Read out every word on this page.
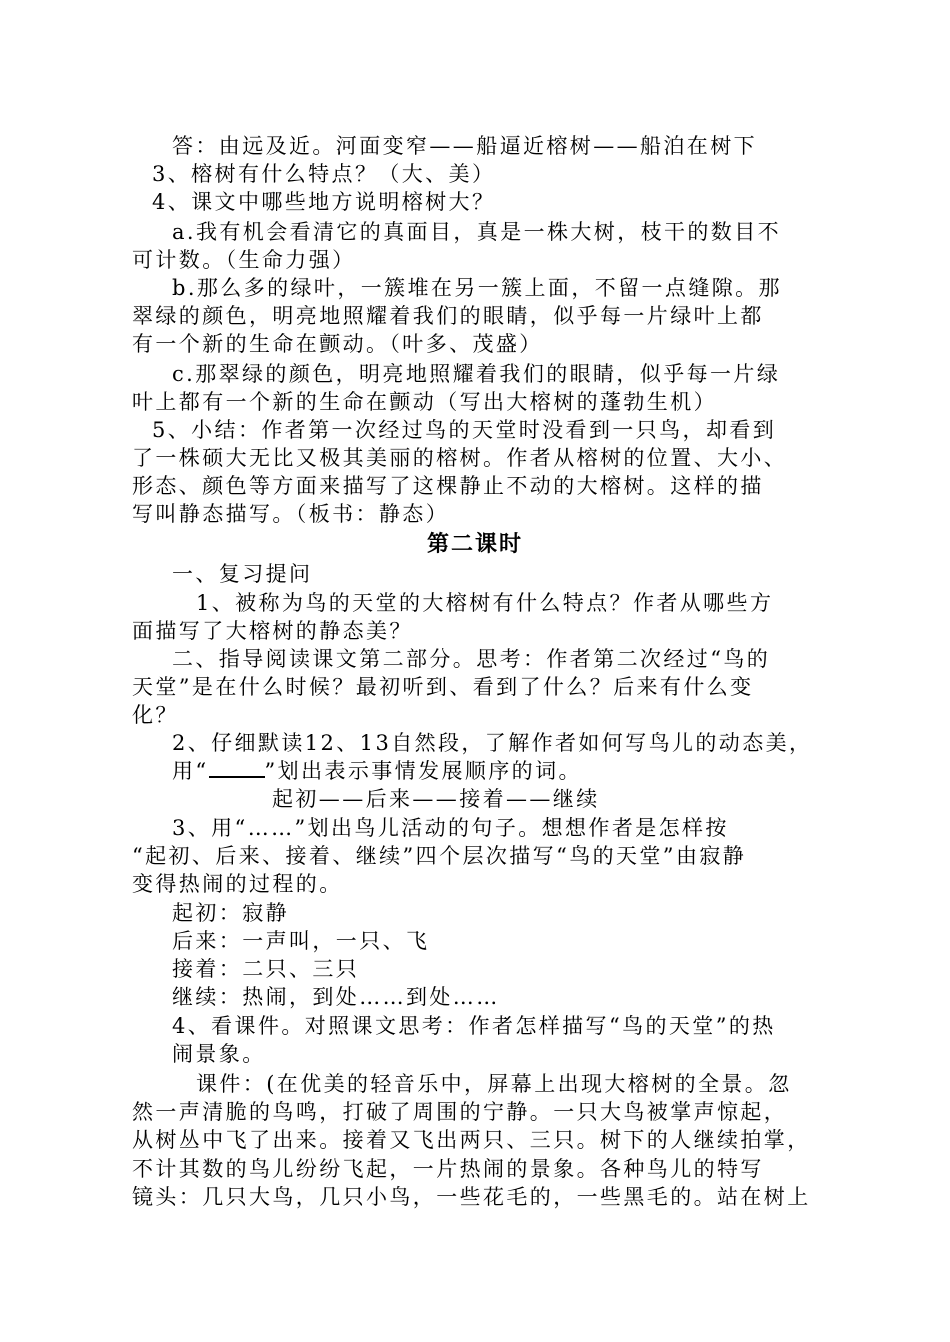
答：由远及近。河面变窄——船逼近榕树——船泊在树下
3、榕树有什么特点？（大、美）
4、课文中哪些地方说明榕树大？
a.我有机会看清它的真面目，真是一株大树，枝干的数目不
可计数。（生命力强）
b.那么多的绿叶，一簇堆在另一簇上面，不留一点缝隙。那
翠绿的颜色，明亮地照耀着我们的眼睛，似乎每一片绿叶上都
有一个新的生命在颤动。（叶多、茂盛）
c.那翠绿的颜色，明亮地照耀着我们的眼睛，似乎每一片绿
叶上都有一个新的生命在颤动（写出大榕树的蓬勃生机）
5、小结：作者第一次经过鸟的天堂时没看到一只鸟，却看到
了一株硕大无比又极其美丽的榕树。作者从榕树的位置、大小、
形态、颜色等方面来描写了这棵静止不动的大榕树。这样的描
写叫静态描写。（板书：静态）
第二课时
一、复习提问
1、被称为鸟的天堂的大榕树有什么特点？作者从哪些方
面描写了大榕树的静态美？
二、指导阅读课文第二部分。思考：作者第二次经过“鸟的
天堂”是在什么时候？最初听到、看到了什么？后来有什么变
化？
2、仔细默读12、13自然段，了解作者如何写鸟儿的动态美，
用“	”划出表示事情发展顺序的词。
起初——后来——接着——继续
3、用“……”划出鸟儿活动的句子。想想作者是怎样按
“起初、后来、接着、继续”四个层次描写“鸟的天堂”由寂静
变得热闹的过程的。
起初：寂静
后来：一声叫，一只、飞
接着：二只、三只
继续：热闹，到处……到处……
4、看课件。对照课文思考：作者怎样描写“鸟的天堂”的热
闹景象。
课件：(在优美的轻音乐中，屏幕上出现大榕树的全景。忽
然一声清脆的鸟鸣，打破了周围的宁静。一只大鸟被掌声惊起，
从树丛中飞了出来。接着又飞出两只、三只。树下的人继续拍掌，
不计其数的鸟儿纷纷飞起，一片热闹的景象。各种鸟儿的特写
镜头：几只大鸟，几只小鸟，一些花毛的，一些黑毛的。站在树上
